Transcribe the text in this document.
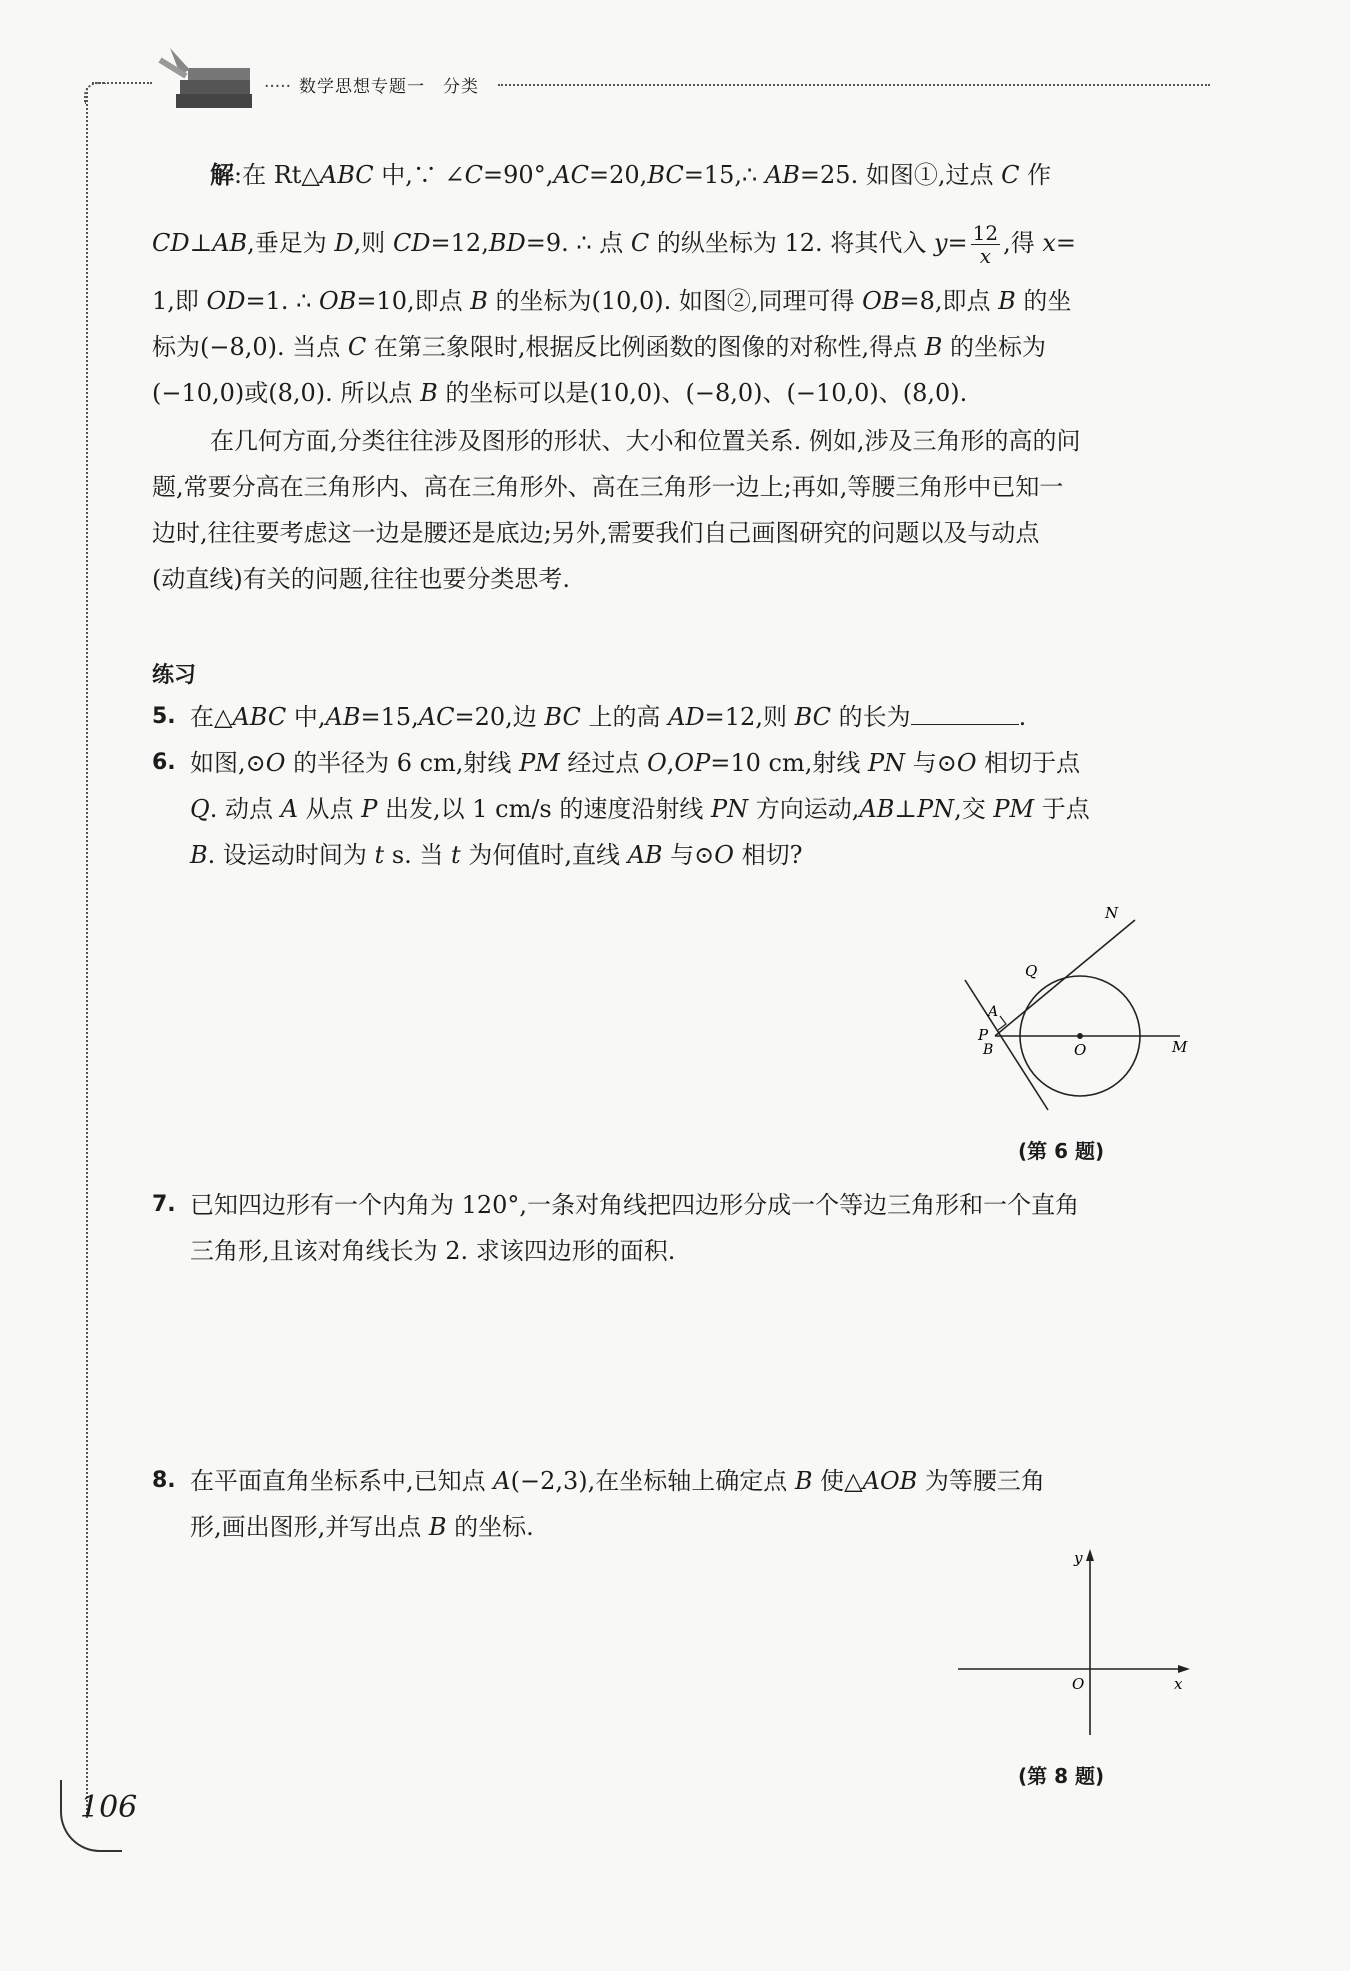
····· 数学思想专题一　分类
解:在 Rt△ABC 中,∵ ∠C=90°,AC=20,BC=15,∴ AB=25. 如图①,过点 C 作
CD⊥AB,垂足为 D,则 CD=12,BD=9. ∴ 点 C 的纵坐标为 12. 将其代入 $y= \frac{12}{x}$ ,得 x=
1,即 OD=1. ∴ OB=10,即点 B 的坐标为(10,0). 如图②,同理可得 OB=8,即点 B 的坐
标为(−8,0). 当点 C 在第三象限时,根据反比例函数的图像的对称性,得点 B 的坐标为
(−10,0)或(8,0). 所以点 B 的坐标可以是(10,0)、(−8,0)、(−10,0)、(8,0).
在几何方面,分类往往涉及图形的形状、大小和位置关系. 例如,涉及三角形的高的问
题,常要分高在三角形内、高在三角形外、高在三角形一边上;再如,等腰三角形中已知一
边时,往往要考虑这一边是腰还是底边;另外,需要我们自己画图研究的问题以及与动点
(动直线)有关的问题,往往也要分类思考.
练习
5. 在△ABC 中,AB=15,AC=20,边 BC 上的高 AD=12,则 BC 的长为	.
6. 如图,⊙O 的半径为 6 cm,射线 PM 经过点 O,OP=10 cm,射线 PN 与⊙O 相切于点
Q. 动点 A 从点 P 出发,以 1 cm/s 的速度沿射线 PN 方向运动,AB⊥PN,交 PM 于点
B. 设运动时间为 t s. 当 t 为何值时,直线 AB 与⊙O 相切?
N
Q
A
P
B	O	M
(第 6 题)
7. 已知四边形有一个内角为 120°,一条对角线把四边形分成一个等边三角形和一个直角
三角形,且该对角线长为 2. 求该四边形的面积.
8. 在平面直角坐标系中,已知点 A(−2,3),在坐标轴上确定点 B 使△AOB 为等腰三角
形,画出图形,并写出点 B 的坐标.
y
x
O
(第 8 题)
106
